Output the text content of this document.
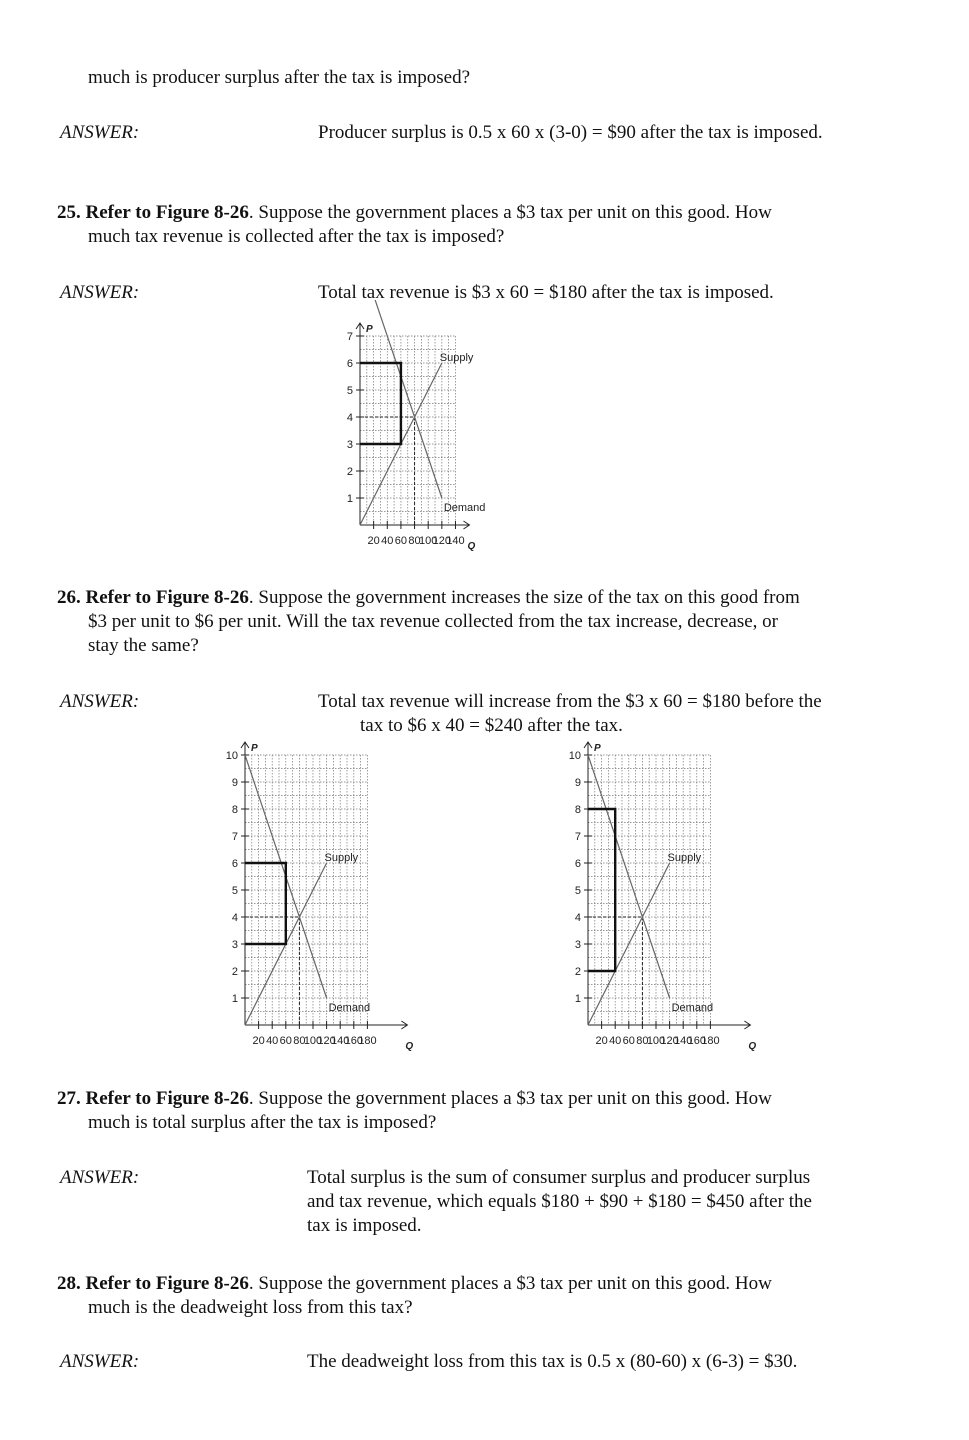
much is producer surplus after the tax is imposed?
ANSWER:	Producer surplus is 0.5 x 60 x (3-0) = $90 after the tax is imposed.
25. Refer to Figure 8-26. Suppose the government places a $3 tax per unit on this good. How
much tax revenue is collected after the tax is imposed?
ANSWER:	Total tax revenue is $3 x 60 = $180 after the tax is imposed.
P
Q
1
2
3
4
5
6
7
20 40 60 80
100
120
140
Supply
Demand
26. Refer to Figure 8-26. Suppose the government increases the size of the tax on this good from
$3 per unit to $6 per unit. Will the tax revenue collected from the tax increase, decrease, or
stay the same?
ANSWER:	Total tax revenue will increase from the $3 x 60 = $180 before the
tax to $6 x 40 = $240 after the tax.
P
Q
1
2
3
4
5
6
7
8
9
10
20 40 60 80
100
120
140
160
180
Supply
Demand
P
Q
1
2
3
4
5
6
7
8
9
10
20 40 60 80
100
120
140
160
180
Supply
Demand
27. Refer to Figure 8-26. Suppose the government places a $3 tax per unit on this good. How
much is total surplus after the tax is imposed?
ANSWER:	Total surplus is the sum of consumer surplus and producer surplus
and tax revenue, which equals $180 + $90 + $180 = $450 after the
tax is imposed.
28. Refer to Figure 8-26. Suppose the government places a $3 tax per unit on this good. How
much is the deadweight loss from this tax?
ANSWER:	The deadweight loss from this tax is 0.5 x (80-60) x (6-3) = $30.
